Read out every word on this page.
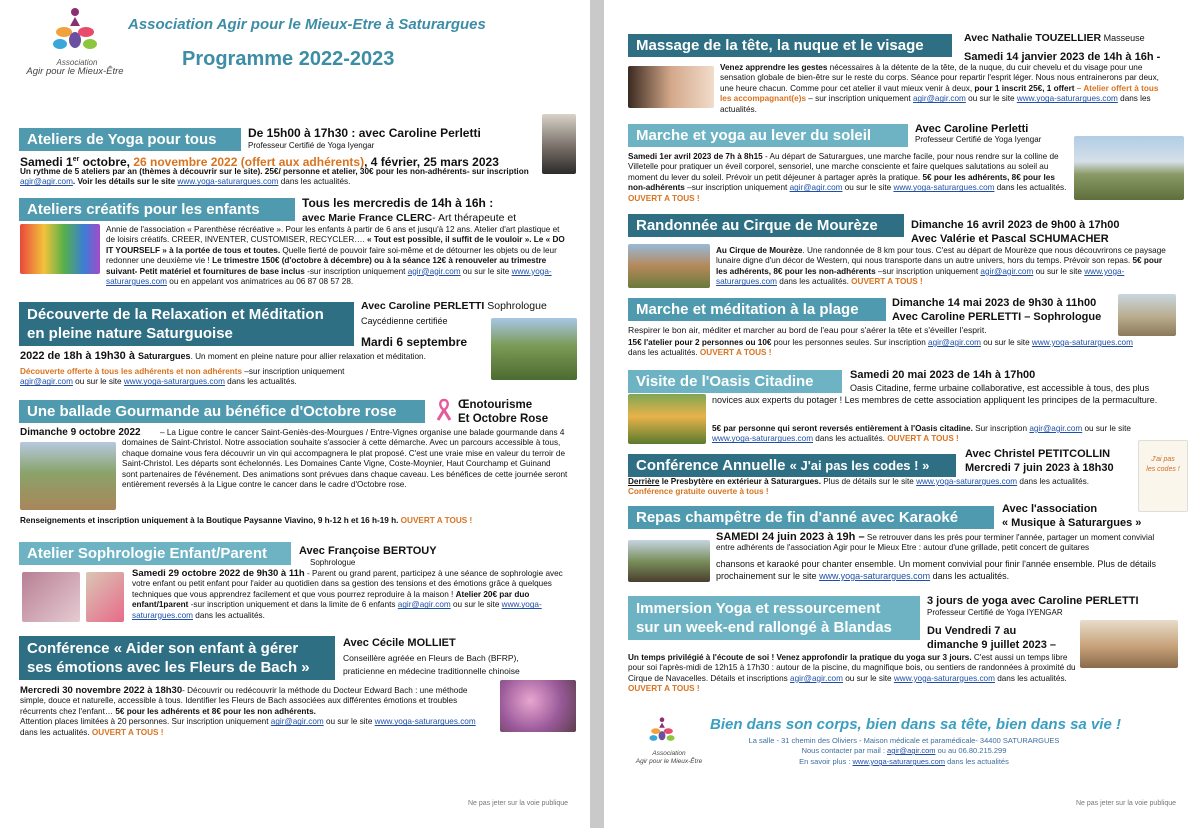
Association
Agir pour le Mieux-Être
Association Agir pour le Mieux-Etre à Saturargues
Programme 2022-2023
Ateliers de Yoga pour tous	De 15h00 à 17h30 : avec Caroline Perletti
Professeur Certifié de Yoga Iyengar
Samedi 1er octobre, 26 novembre 2022 (offert aux adhérents), 4 février, 25 mars 2023
Un rythme de 5 ateliers par an (thèmes à découvrir sur le site). 25€/ personne et atelier, 30€ pour les non-adhérents- sur inscription agir@agir.com. Voir les détails sur le site www.yoga-saturargues.com dans les actualités.
Ateliers créatifs pour les enfants	Tous les mercredis de 14h à 16h :
avec Marie France CLERC- Art thérapeute et
Annie de l'association « Parenthèse récréative ». Pour les enfants à partir de 6 ans et jusqu'à 12 ans. Atelier d'art plastique et de loisirs créatifs. CREER, INVENTER, CUSTOMISER, RECYCLER…. « Tout est possible, il suffit de le vouloir ». Le « DO IT YOURSELF » à la portée de tous et toutes. Quelle fierté de pouvoir faire soi-même et de détourner les objets ou de leur redonner une deuxième vie ! Le trimestre 150€ (d'octobre à décembre) ou à la séance 12€ à renouveler au trimestre suivant- Petit matériel et fournitures de base inclus -sur inscription uniquement agir@agir.com ou sur le site www.yoga-saturargues.com ou en appelant vos animatrices au 06 87 08 57 28.
Découverte de la Relaxation et Méditation
en pleine nature Saturguoise
Avec Caroline PERLETTI Sophrologue
Caycédienne certifiée
Mardi 6 septembre
2022 de 18h à 19h30 à Saturargues. Un moment en pleine nature pour allier relaxation et méditation.
Découverte offerte à tous les adhérents et non adhérents –sur inscription uniquement
agir@agir.com ou sur le site www.yoga-saturargues.com dans les actualités.
Une ballade Gourmande au bénéfice d'Octobre rose	Œnotourisme
Et Octobre Rose
Dimanche 9 octobre 2022	– La Ligue contre le cancer Saint-Geniès-des-Mourgues / Entre-Vignes organise une balade gourmande dans 4 domaines de Saint-Christol. Notre association souhaite s'associer à cette démarche. Avec un parcours accessible à tous, chaque domaine vous fera découvrir un vin qui accompagnera le plat proposé. C'est une vraie mise en valeur du terroir de Saint-Christol. Les départs sont échelonnés. Les Domaines Cante Vigne, Coste-Moynier, Haut Courchamp et Guinand sont partenaires de l'événement. Des animations sont prévues dans chaque caveau. Les bénéfices de cette journée seront entièrement reversés à la Ligue contre le cancer dans le cadre d'Octobre rose.
Renseignements et inscription uniquement à la Boutique Paysanne Viavino, 9 h-12 h et 16 h-19 h. OUVERT A TOUS !
Atelier Sophrologie Enfant/Parent	Avec Françoise BERTOUY
Sophrologue
Samedi 29 octobre 2022 de 9h30 à 11h - Parent ou grand parent, participez à une séance de sophrologie avec votre enfant ou petit enfant pour l'aider au quotidien dans sa gestion des tensions et des émotions grâce à quelques techniques que vous apprendrez facilement et que vous pourrez reproduire à la maison ! Atelier 20€ par duo enfant/1parent -sur inscription uniquement et dans la limite de 6 enfants agir@agir.com ou sur le site www.yoga-saturargues.com dans les actualités.
Conférence « Aider son enfant à gérer
ses émotions avec les Fleurs de Bach »
Avec Cécile MOLLIET
Conseillère agréée en Fleurs de Bach (BFRP),
praticienne en médecine traditionnelle chinoise
Mercredi 30 novembre 2022 à 18h30- Découvrir ou redécouvrir la méthode du Docteur Edward Bach : une méthode simple, douce et naturelle, accessible à tous. Identifier les Fleurs de Bach associées aux différentes émotions et troubles récurrents chez l'enfant… 5€ pour les adhérents et 8€ pour les non adhérents.
Attention places limitées à 20 personnes. Sur inscription uniquement agir@agir.com ou sur le site www.yoga-saturargues.com dans les actualités. OUVERT A TOUS !
Ne pas jeter sur la voie publique
Massage de la tête, la nuque et le visage	Avec Nathalie TOUZELLIER Masseuse
Samedi 14 janvier 2023 de 14h à 16h -
Venez apprendre les gestes nécessaires à la détente de la tête, de la nuque, du cuir chevelu et du visage pour une sensation globale de bien-être sur le reste du corps. Séance pour repartir l'esprit léger. Nous nous entrainerons par deux, une heure chacun. Comme pour cet atelier il vaut mieux venir à deux, pour 1 inscrit 25€, 1 offert – Atelier offert à tous les accompagnant(e)s – sur inscription uniquement agir@agir.com ou sur le site www.yoga-saturargues.com dans les actualités.
Marche et yoga au lever du soleil	Avec Caroline Perletti
Professeur Certifié de Yoga Iyengar
Samedi 1er avril 2023 de 7h à 8h15 - Au départ de Saturargues, une marche facile, pour nous rendre sur la colline de Villetelle pour pratiquer un éveil corporel, sensoriel, une marche consciente et faire quelques salutations au soleil au moment du lever du soleil. Prévoir un petit déjeuner à partager après la pratique. 5€ pour les adhérents, 8€ pour les non-adhérents –sur inscription uniquement agir@agir.com ou sur le site www.yoga-saturargues.com dans les actualités. OUVERT A TOUS !
Randonnée au Cirque de Mourèze	Dimanche 16 avril 2023 de 9h00 à 17h00
Avec Valérie et Pascal SCHUMACHER
Au Cirque de Mourèze. Une randonnée de 8 km pour tous. C'est au départ de Mourèze que nous découvrirons ce paysage lunaire digne d'un décor de Western, qui nous transporte dans un autre univers, hors du temps. Prévoir son repas. 5€ pour les adhérents, 8€ pour les non-adhérents –sur inscription uniquement agir@agir.com ou sur le site www.yoga-saturargues.com dans les actualités. OUVERT A TOUS !
Marche et méditation à la plage	Dimanche 14 mai 2023 de 9h30 à 11h00
Avec Caroline PERLETTI – Sophrologue
Respirer le bon air, méditer et marcher au bord de l'eau pour s'aérer la tête et s'éveiller l'esprit.
15€ l'atelier pour 2 personnes ou 10€ pour les personnes seules. Sur inscription agir@agir.com ou sur le site www.yoga-saturargues.com dans les actualités. OUVERT A TOUS !
Visite de l'Oasis Citadine	Samedi 20 mai 2023 de 14h à 17h00
Oasis Citadine, ferme urbaine collaborative, est accessible à tous, des plus novices aux experts du potager ! Les membres de cette association appliquent les principes de la permaculture.
5€ par personne qui seront reversés entièrement à l'Oasis citadine. Sur inscription agir@agir.com ou sur le site www.yoga-saturargues.com dans les actualités. OUVERT A TOUS !
Conférence Annuelle « J'ai pas les codes ! »
Avec Christel PETITCOLLIN
Mercredi 7 juin 2023 à 18h30
J'ai pas
les codes !
Derrière le Presbytère en extérieur à Saturargues. Plus de détails sur le site www.yoga-saturargues.com dans les actualités. Conférence gratuite ouverte à tous !
Repas champêtre de fin d'anné avec Karaoké	Avec l'association
« Musique à Saturargues »
SAMEDI 24 juin 2023 à 19h – Se retrouver dans les prés pour terminer l'année, partager un moment convivial entre adhérents de l'association Agir pour le Mieux Etre : autour d'une grillade, petit concert de guitares
chansons et karaoké pour chanter ensemble. Un moment convivial pour finir l'année ensemble. Plus de détails prochainement sur le site www.yoga-saturargues.com dans les actualités.
Immersion Yoga et ressourcement
sur un week-end rallongé à Blandas
3 jours de yoga avec Caroline PERLETTI
Professeur Certifié de Yoga IYENGAR
Du Vendredi 7 au
dimanche 9 juillet 2023 –
Un temps privilégié à l'écoute de soi ! Venez approfondir la pratique du yoga sur 3 jours. C'est aussi un temps libre pour soi l'après-midi de 12h15 à 17h30 : autour de la piscine, du magnifique bois, ou sentiers de randonnées à proximité du Cirque de Navacelles. Détails et inscriptions agir@agir.com ou sur le site www.yoga-saturargues.com dans les actualités. OUVERT A TOUS !
Association
Agir pour le Mieux-Être
Bien dans son corps, bien dans sa tête, bien dans sa vie !
La salle - 31 chemin des Oliviers - Maison médicale et paramédicale- 34400 SATURARGUES
Nous contacter par mail : agir@agir.com ou au 06.80.215.299
En savoir plus : www.yoga-saturargues.com dans les actualités
Ne pas jeter sur la voie publique
